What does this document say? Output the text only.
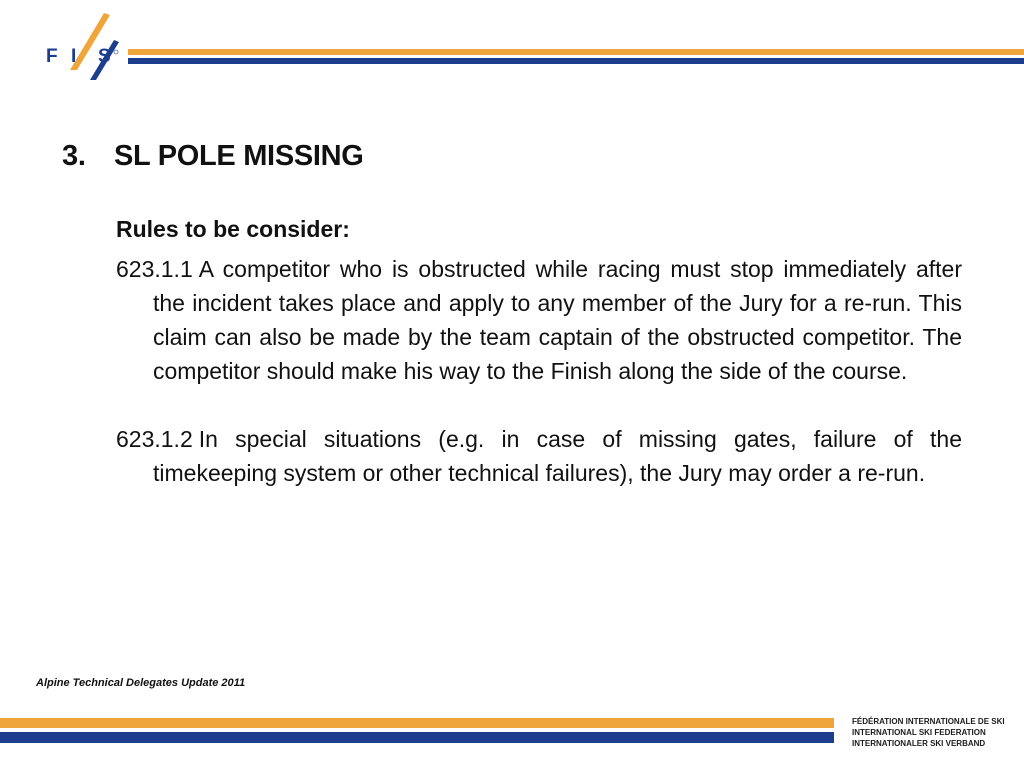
F I S
3. SL POLE MISSING

Rules to be consider:

623.1.1 A competitor who is obstructed while racing must stop immediately after the incident takes place and apply to any member of the Jury for a re-run. This claim can also be made by the team captain of the obstructed competitor. The competitor should make his way to the Finish along the side of the course.

623.1.2 In special situations (e.g. in case of missing gates, failure of the timekeeping system or other technical failures), the Jury may order a re-run.

Alpine Technical Delegates Update 2011
FÉDÉRATION INTERNATIONALE DE SKI
INTERNATIONAL SKI FEDERATION
INTERNATIONALER SKI VERBAND
